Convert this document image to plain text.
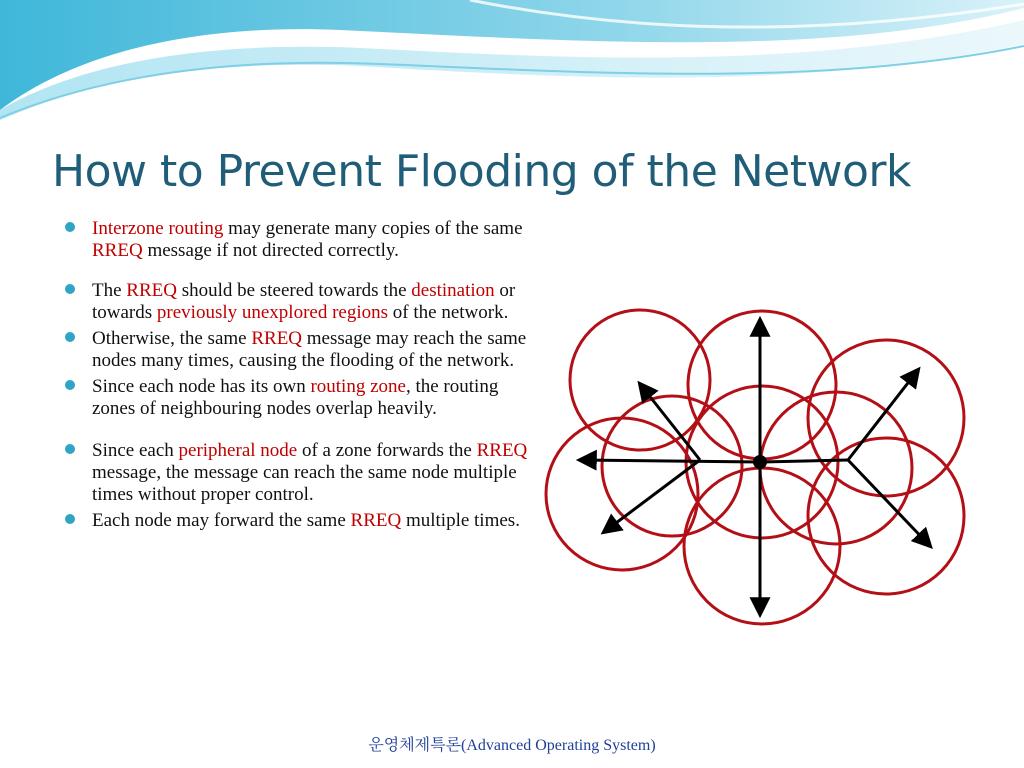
How to Prevent Flooding of the Network
Interzone routing may generate many copies of the same RREQ message if not directed correctly.
The RREQ should be steered towards the destination or towards previously unexplored regions of the network.
Otherwise, the same RREQ message may reach the same nodes many times, causing the flooding of the network.
Since each node has its own routing zone, the routing zones of neighbouring nodes overlap heavily.
Since each peripheral node of a zone forwards the RREQ message, the message can reach the same node multiple times without proper control.
Each node may forward the same RREQ multiple times.
운영체제특론(Advanced Operating System)
